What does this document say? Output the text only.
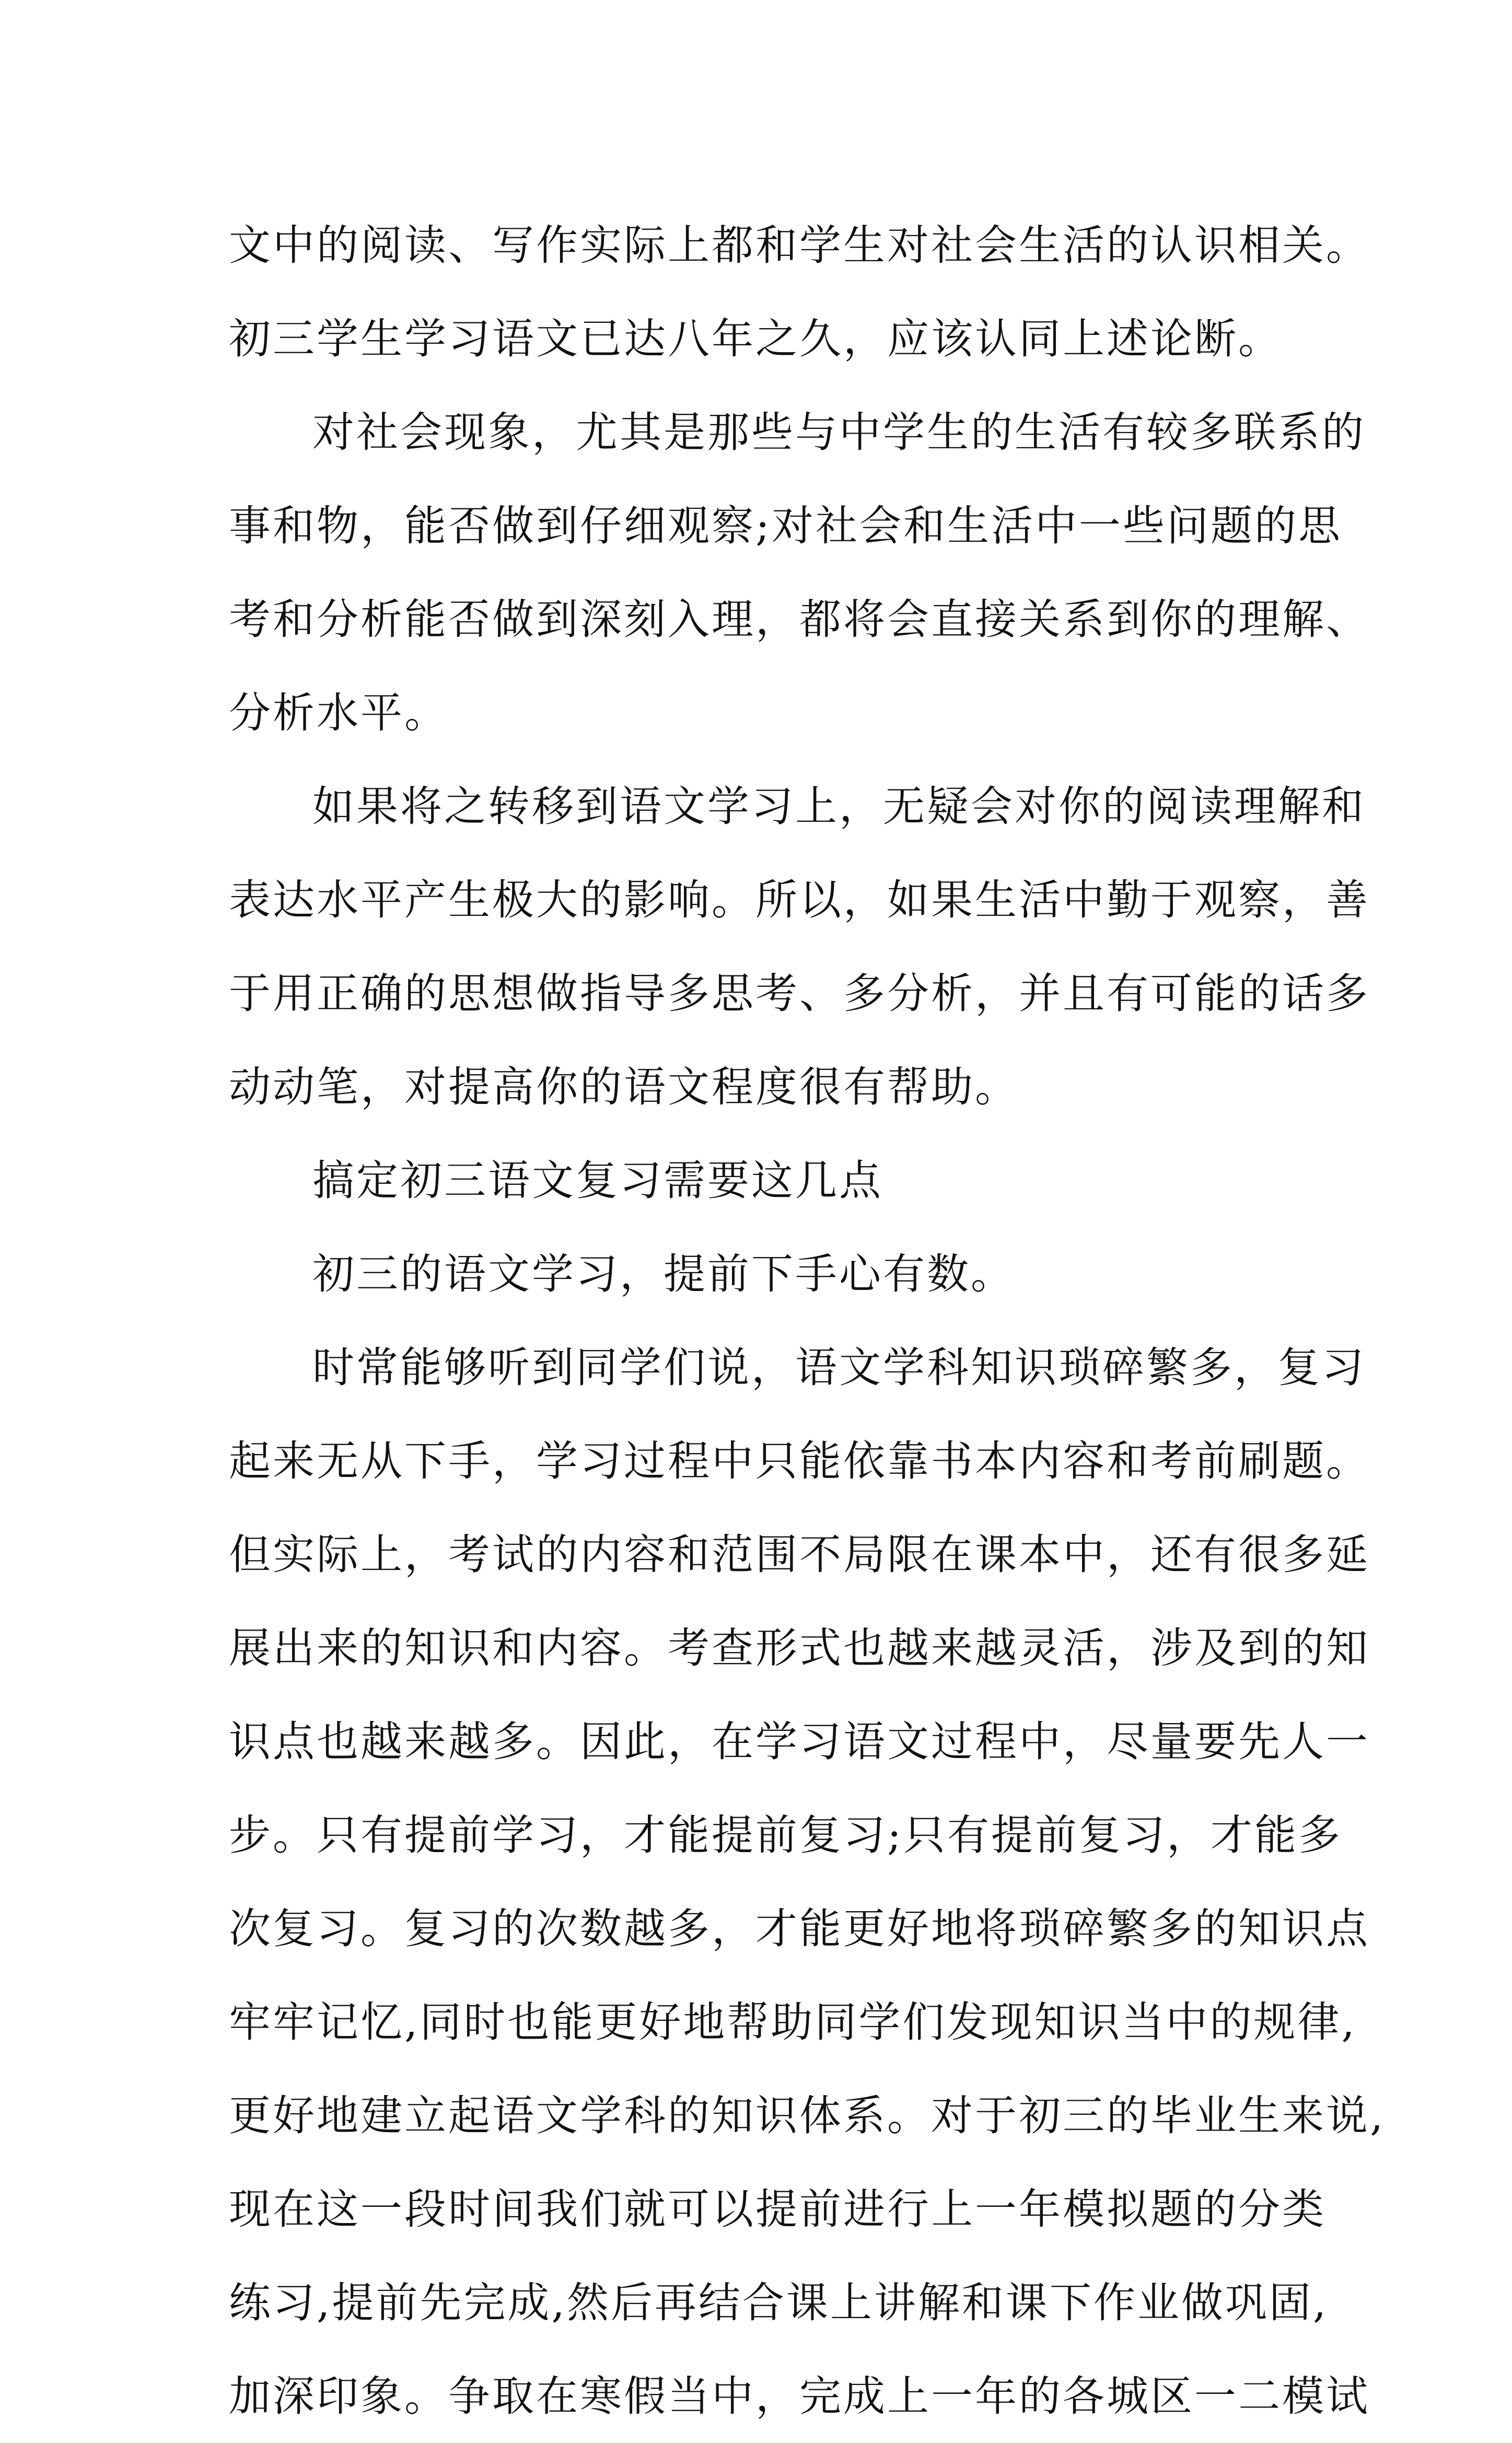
文中的阅读、写作实际上都和学生对社会生活的认识相关。
初三学生学习语文已达八年之久，应该认同上述论断。
对社会现象，尤其是那些与中学生的生活有较多联系的
事和物，能否做到仔细观察;对社会和生活中一些问题的思
考和分析能否做到深刻入理，都将会直接关系到你的理解、
分析水平。
如果将之转移到语文学习上，无疑会对你的阅读理解和
表达水平产生极大的影响。所以，如果生活中勤于观察，善
于用正确的思想做指导多思考、多分析，并且有可能的话多
动动笔，对提高你的语文程度很有帮助。
搞定初三语文复习需要这几点
初三的语文学习，提前下手心有数。
时常能够听到同学们说，语文学科知识琐碎繁多，复习
起来无从下手，学习过程中只能依靠书本内容和考前刷题。
但实际上，考试的内容和范围不局限在课本中，还有很多延
展出来的知识和内容。考查形式也越来越灵活，涉及到的知
识点也越来越多。因此，在学习语文过程中，尽量要先人一
步。只有提前学习，才能提前复习;只有提前复习，才能多
次复习。复习的次数越多，才能更好地将琐碎繁多的知识点
牢牢记忆,同时也能更好地帮助同学们发现知识当中的规律,
更好地建立起语文学科的知识体系。对于初三的毕业生来说,
现在这一段时间我们就可以提前进行上一年模拟题的分类
练习,提前先完成,然后再结合课上讲解和课下作业做巩固,
加深印象。争取在寒假当中，完成上一年的各城区一二模试
